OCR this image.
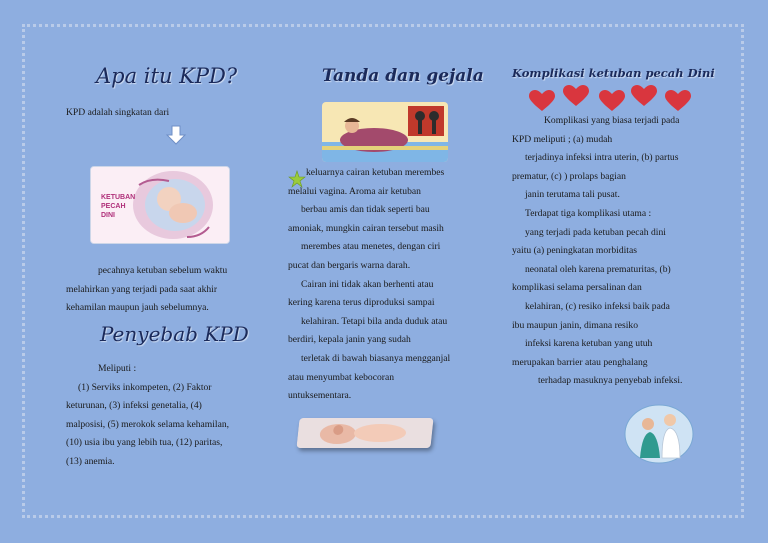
Apa itu KPD?
KPD adalah singkatan dari
KETUBAN
PECAH
DINI
pecahnya ketuban sebelum waktu
melahirkan yang terjadi pada saat akhir
kehamilan maupun jauh sebelumnya.
Penyebab KPD
Meliputi :
(1) Serviks inkompeten, (2) Faktor
keturunan, (3) infeksi genetalia, (4)
malposisi, (5) merokok selama kehamilan,
(10) usia ibu yang lebih tua, (12) paritas,
(13) anemia.
Tanda dan gejala
keluarnya cairan ketuban merembes
melalui vagina. Aroma air ketuban
berbau amis dan tidak seperti bau
amoniak, mungkin cairan tersebut masih
merembes atau menetes, dengan ciri
pucat dan bergaris warna darah.
Cairan ini tidak akan berhenti atau
kering karena terus diproduksi sampai
kelahiran. Tetapi bila anda duduk atau
berdiri, kepala janin yang sudah
terletak di bawah biasanya mengganjal
atau menyumbat kebocoran
untuksementara.
Komplikasi ketuban pecah Dini
Komplikasi yang biasa terjadi pada
KPD meliputi ; (a) mudah
terjadinya infeksi intra uterin, (b) partus
prematur, (c) ) prolaps bagian
janin terutama tali pusat.
Terdapat tiga komplikasi utama :
yang terjadi pada ketuban pecah dini
yaitu (a) peningkatan morbiditas
neonatal oleh karena prematuritas, (b)
komplikasi selama persalinan dan
kelahiran, (c) resiko infeksi baik pada
ibu maupun janin, dimana resiko
infeksi karena ketuban yang utuh
merupakan barrier atau penghalang
terhadap masuknya penyebab infeksi.
